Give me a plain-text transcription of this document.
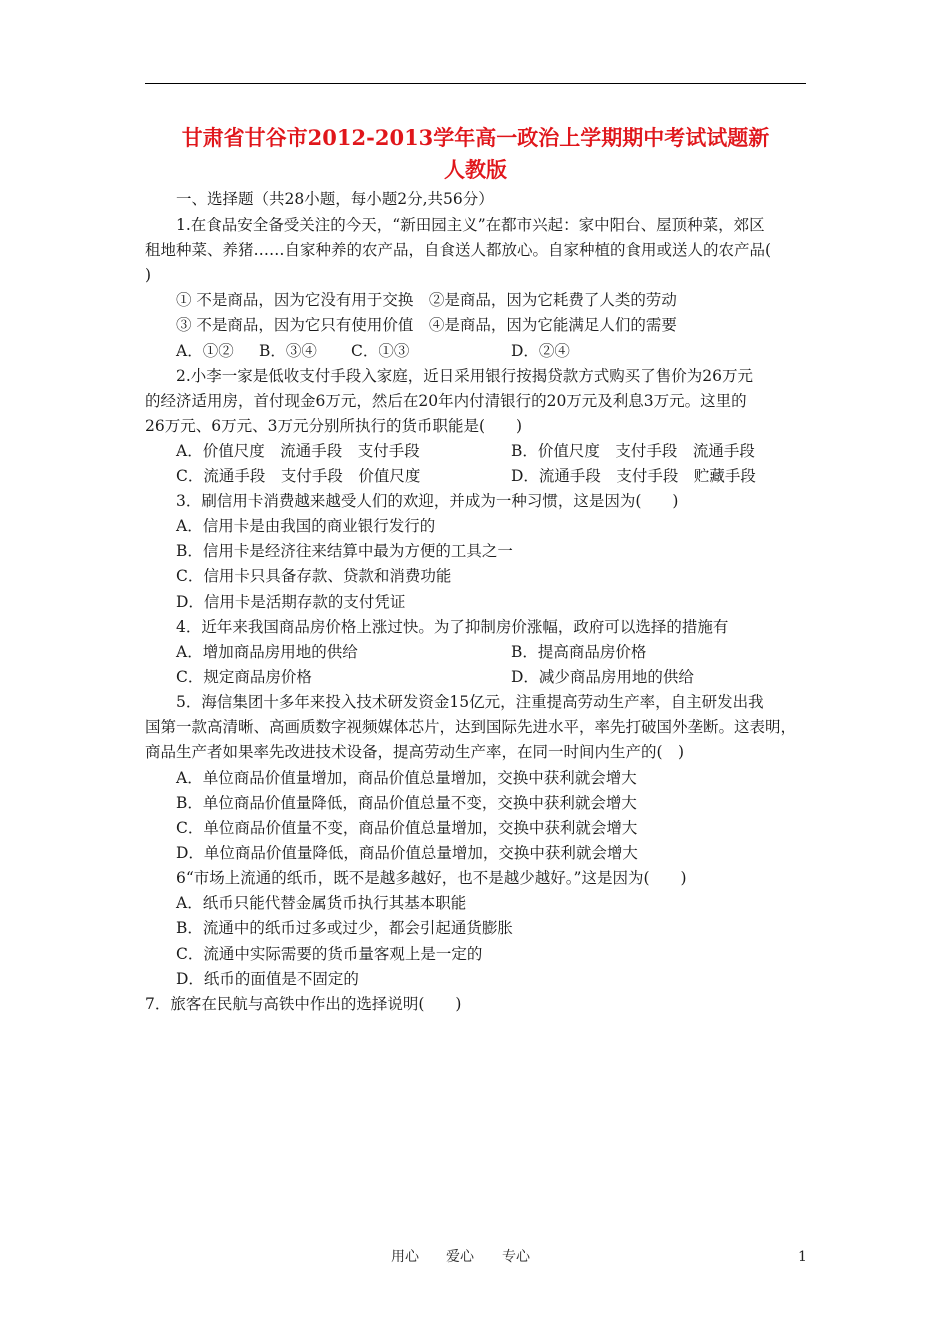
甘肃省甘谷市2012-2013学年高一政治上学期期中考试试题新
人教版
一、选择题（共28小题，每小题2分,共56分）
1.在食品安全备受关注的今天，“新田园主义”在都市兴起：家中阳台、屋顶种菜，郊区
租地种菜、养猪……自家种养的农产品，自食送人都放心。自家种植的食用或送人的农产品(
)
① 不是商品，因为它没有用于交换　②是商品，因为它耗费了人类的劳动
③ 不是商品，因为它只有使用价值　④是商品，因为它能满足人们的需要
A．①② B．③④ C．①③	D．②④
2.小李一家是低收支付手段入家庭，近日采用银行按揭贷款方式购买了售价为26万元
的经济适用房，首付现金6万元，然后在20年内付清银行的20万元及利息3万元。这里的
26万元、6万元、3万元分别所执行的货币职能是(　　)
A．价值尺度　流通手段　支付手段	B．价值尺度　支付手段　流通手段
C．流通手段　支付手段　价值尺度	D．流通手段　支付手段　贮藏手段
3．刷信用卡消费越来越受人们的欢迎，并成为一种习惯，这是因为(　　)
A．信用卡是由我国的商业银行发行的
B．信用卡是经济往来结算中最为方便的工具之一
C．信用卡只具备存款、贷款和消费功能
D．信用卡是活期存款的支付凭证
4．近年来我国商品房价格上涨过快。为了抑制房价涨幅，政府可以选择的措施有
A．增加商品房用地的供给	B．提高商品房价格
C．规定商品房价格	D．减少商品房用地的供给
5．海信集团十多年来投入技术研发资金15亿元，注重提高劳动生产率，自主研发出我
国第一款高清晰、高画质数字视频媒体芯片，达到国际先进水平，率先打破国外垄断。这表明，
商品生产者如果率先改进技术设备，提高劳动生产率，在同一时间内生产的(　)
A．单位商品价值量增加，商品价值总量增加，交换中获利就会增大
B．单位商品价值量降低，商品价值总量不变，交换中获利就会增大
C．单位商品价值量不变，商品价值总量增加，交换中获利就会增大
D．单位商品价值量降低，商品价值总量增加，交换中获利就会增大
6“市场上流通的纸币，既不是越多越好，也不是越少越好。”这是因为(　　)
A．纸币只能代替金属货币执行其基本职能
B．流通中的纸币过多或过少，都会引起通货膨胀
C．流通中实际需要的货币量客观上是一定的
D．纸币的面值是不固定的
7．旅客在民航与高铁中作出的选择说明(　　)
用心 爱心 专心	1
